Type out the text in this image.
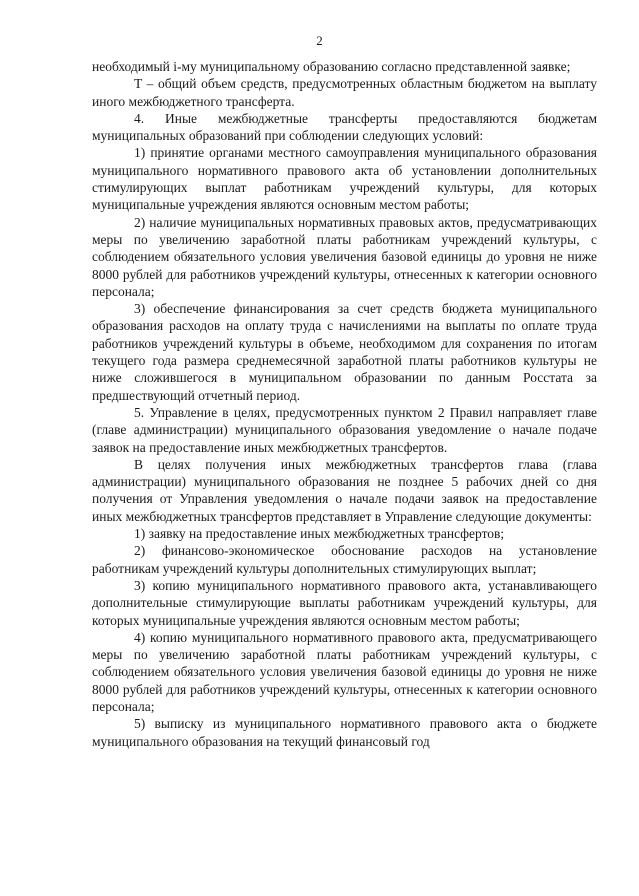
2

необходимый i-му муниципальному образованию согласно представленной заявке;

T – общий объем средств, предусмотренных областным бюджетом на выплату иного межбюджетного трансферта.

4. Иные межбюджетные трансферты предоставляются бюджетам муниципальных образований при соблюдении следующих условий:

1) принятие органами местного самоуправления муниципального образования муниципального нормативного правового акта об установлении дополнительных стимулирующих выплат работникам учреждений культуры, для которых муниципальные учреждения являются основным местом работы;

2) наличие муниципальных нормативных правовых актов, предусматривающих меры по увеличению заработной платы работникам учреждений культуры, с соблюдением обязательного условия увеличения базовой единицы до уровня не ниже 8000 рублей для работников учреждений культуры, отнесенных к категории основного персонала;

3) обеспечение финансирования за счет средств бюджета муниципального образования расходов на оплату труда с начислениями на выплаты по оплате труда работников учреждений культуры в объеме, необходимом для сохранения по итогам текущего года размера среднемесячной заработной платы работников культуры не ниже сложившегося в муниципальном образовании по данным Росстата за предшествующий отчетный период.

5. Управление в целях, предусмотренных пунктом 2 Правил направляет главе (главе администрации) муниципального образования уведомление о начале подаче заявок на предоставление иных межбюджетных трансфертов.

В целях получения иных межбюджетных трансфертов глава (глава администрации) муниципального образования не позднее 5 рабочих дней со дня получения от Управления уведомления о начале подачи заявок на предоставление иных межбюджетных трансфертов представляет в Управление следующие документы:

1) заявку на предоставление иных межбюджетных трансфертов;

2) финансово-экономическое обоснование расходов на установление работникам учреждений культуры дополнительных стимулирующих выплат;

3) копию муниципального нормативного правового акта, устанавливающего дополнительные стимулирующие выплаты работникам учреждений культуры, для которых муниципальные учреждения являются основным местом работы;

4) копию муниципального нормативного правового акта, предусматривающего меры по увеличению заработной платы работникам учреждений культуры, с соблюдением обязательного условия увеличения базовой единицы до уровня не ниже 8000 рублей для работников учреждений культуры, отнесенных к категории основного персонала;

5) выписку из муниципального нормативного правового акта о бюджете муниципального образования на текущий финансовый год
